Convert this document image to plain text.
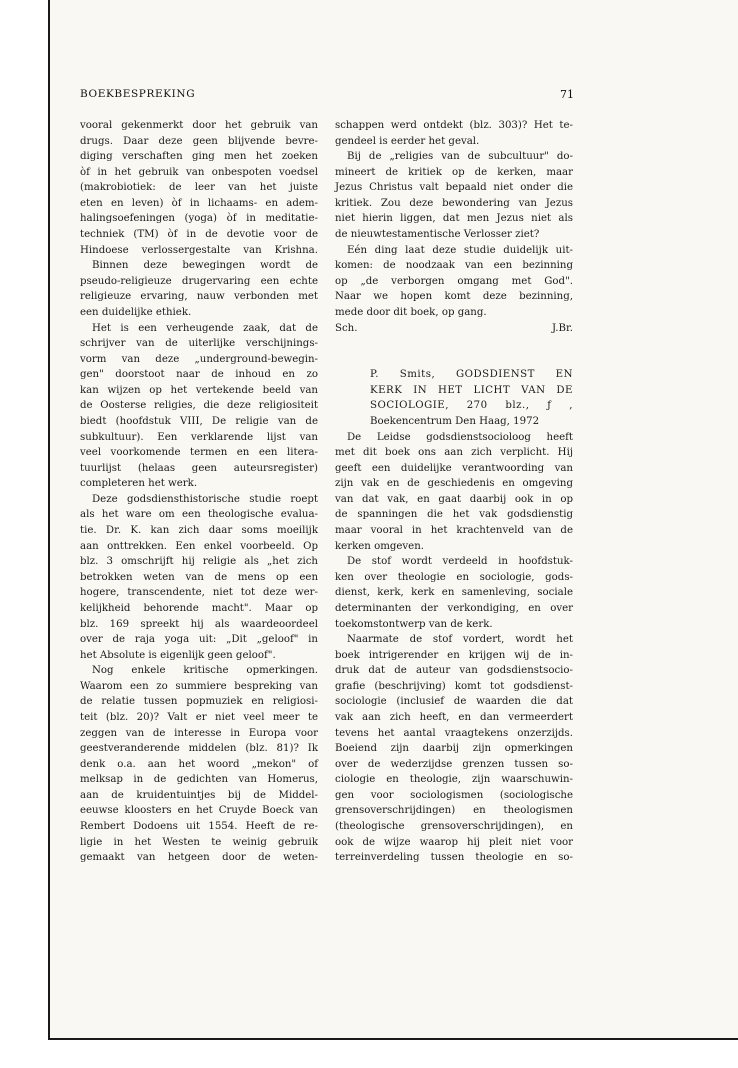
BOEKBESPREKING	71
vooral gekenmerkt door het gebruik van
drugs. Daar deze geen blijvende bevre-
diging verschaften ging men het zoeken
òf in het gebruik van onbespoten voedsel
(makrobiotiek: de leer van het juiste
eten en leven) òf in lichaams- en adem-
halingsoefeningen (yoga) òf in meditatie-
techniek (TM) òf in de devotie voor de
Hindoese verlossergestalte van Krishna.
Binnen deze bewegingen wordt de
pseudo-religieuze drugervaring een echte
religieuze ervaring, nauw verbonden met
een duidelijke ethiek.
Het is een verheugende zaak, dat de
schrijver van de uiterlijke verschijnings-
vorm van deze „underground-bewegin-
gen" doorstoot naar de inhoud en zo
kan wijzen op het vertekende beeld van
de Oosterse religies, die deze religiositeit
biedt (hoofdstuk VIII, De religie van de
subkultuur). Een verklarende lijst van
veel voorkomende termen en een litera-
tuurlijst (helaas geen auteursregister)
completeren het werk.
Deze godsdiensthistorische studie roept
als het ware om een theologische evalua-
tie. Dr. K. kan zich daar soms moeilijk
aan onttrekken. Een enkel voorbeeld. Op
blz. 3 omschrijft hij religie als „het zich
betrokken weten van de mens op een
hogere, transcendente, niet tot deze wer-
kelijkheid behorende macht". Maar op
blz. 169 spreekt hij als waardeoordeel
over de raja yoga uit: „Dit „geloof" in
het Absolute is eigenlijk geen geloof".
Nog enkele kritische opmerkingen.
Waarom een zo summiere bespreking van
de relatie tussen popmuziek en religiosi-
teit (blz. 20)? Valt er niet veel meer te
zeggen van de interesse in Europa voor
geestveranderende middelen (blz. 81)? Ik
denk o.a. aan het woord „mekon" of
melksap in de gedichten van Homerus,
aan de kruidentuintjes bij de Middel-
eeuwse kloosters en het Cruyde Boeck van
Rembert Dodoens uit 1554. Heeft de re-
ligie in het Westen te weinig gebruik
gemaakt van hetgeen door de weten-
schappen werd ontdekt (blz. 303)? Het te-
gendeel is eerder het geval.
Bij de „religies van de subcultuur" do-
mineert de kritiek op de kerken, maar
Jezus Christus valt bepaald niet onder die
kritiek. Zou deze bewondering van Jezus
niet hierin liggen, dat men Jezus niet als
de nieuwtestamentische Verlosser ziet?
Eén ding laat deze studie duidelijk uit-
komen: de noodzaak van een bezinning
op „de verborgen omgang met God".
Naar we hopen komt deze bezinning,
mede door dit boek, op gang.
Sch.	J.Br.
P. Smits, GODSDIENST EN
KERK IN HET LICHT VAN DE
SOCIOLOGIE, 270 blz., ƒ ,
Boekencentrum Den Haag, 1972
De Leidse godsdienstsocioloog heeft
met dit boek ons aan zich verplicht. Hij
geeft een duidelijke verantwoording van
zijn vak en de geschiedenis en omgeving
van dat vak, en gaat daarbij ook in op
de spanningen die het vak godsdienstig
maar vooral in het krachtenveld van de
kerken omgeven.
De stof wordt verdeeld in hoofdstuk-
ken over theologie en sociologie, gods-
dienst, kerk, kerk en samenleving, sociale
determinanten der verkondiging, en over
toekomstontwerp van de kerk.
Naarmate de stof vordert, wordt het
boek intrigerender en krijgen wij de in-
druk dat de auteur van godsdienstsocio-
grafie (beschrijving) komt tot godsdienst-
sociologie (inclusief de waarden die dat
vak aan zich heeft, en dan vermeerdert
tevens het aantal vraagtekens onzerzijds.
Boeiend zijn daarbij zijn opmerkingen
over de wederzijdse grenzen tussen so-
ciologie en theologie, zijn waarschuwin-
gen voor sociologismen (sociologische
grensoverschrijdingen) en theologismen
(theologische grensoverschrijdingen), en
ook de wijze waarop hij pleit niet voor
terreinverdeling tussen theologie en so-
